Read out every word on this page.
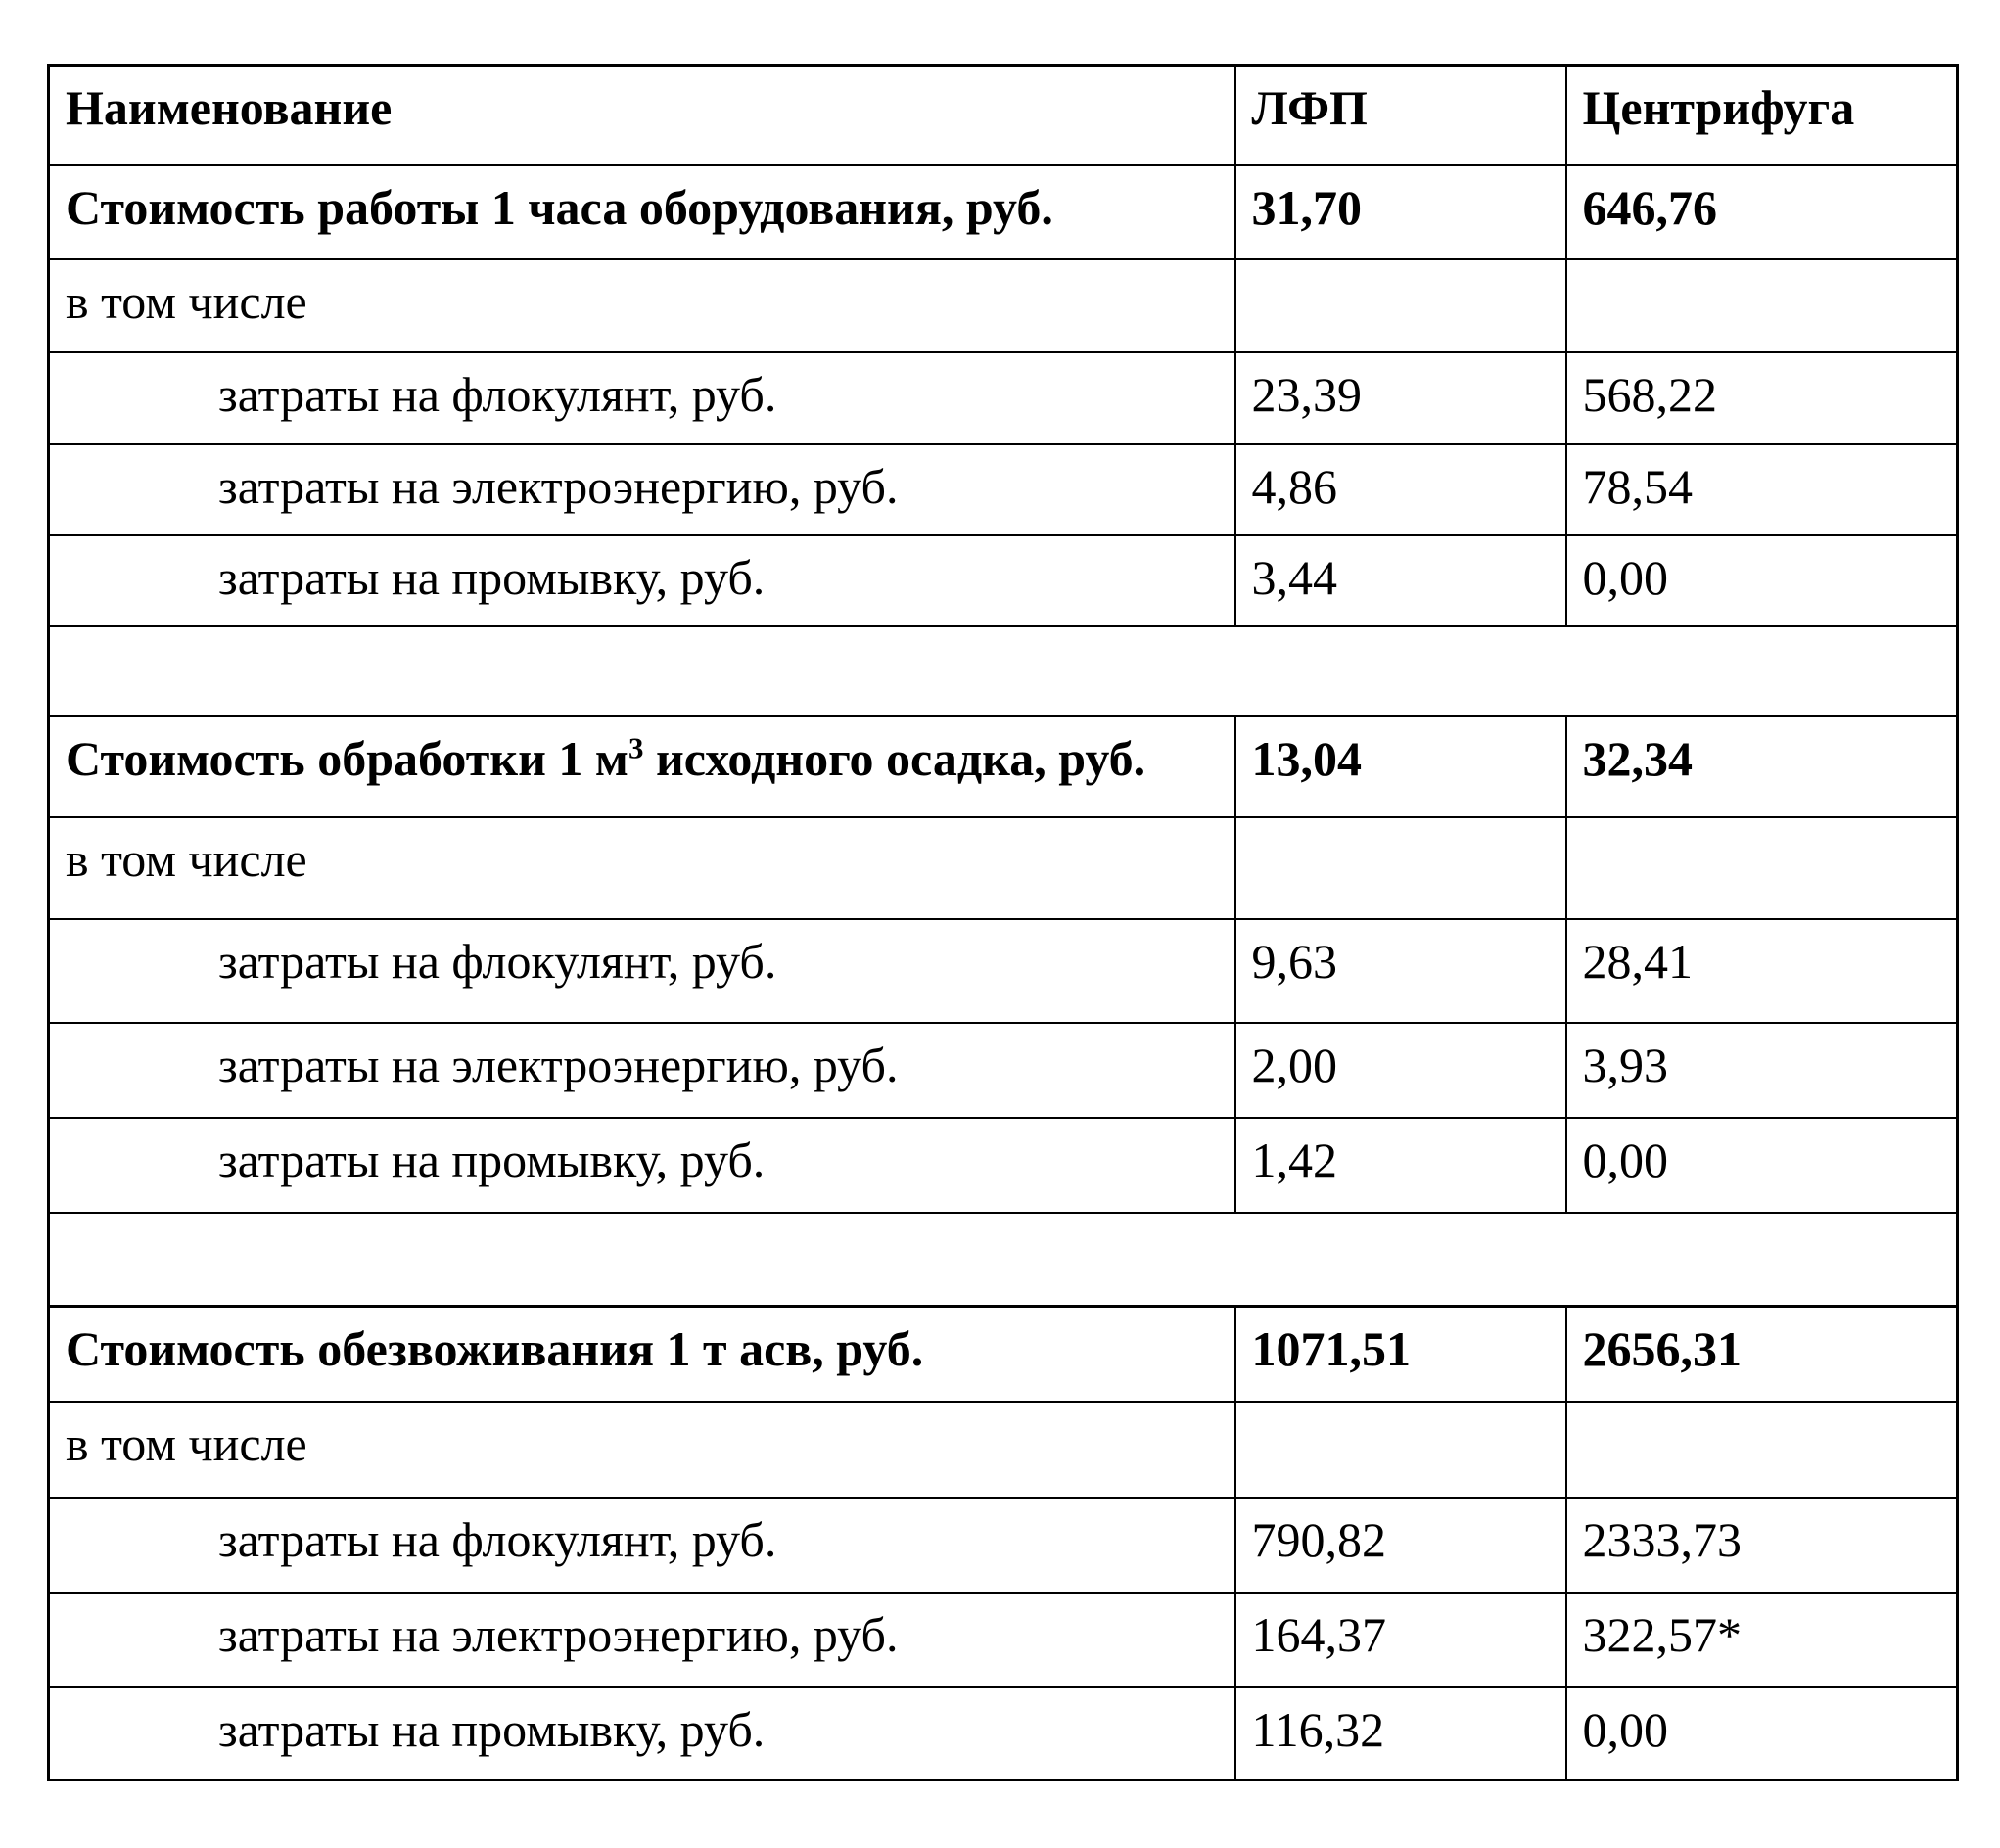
Наименование	ЛФП	Центрифуга
Стоимость работы 1 часа оборудования, руб.	31,70	646,76
в том числе		
затраты на флокулянт, руб.	23,39	568,22
затраты на электроэнергию, руб.	4,86	78,54
затраты на промывку, руб.	3,44	0,00

Стоимость обработки 1 $м^3$ исходного осадка, руб.	13,04	32,34
в том числе		
затраты на флокулянт, руб.	9,63	28,41
затраты на электроэнергию, руб.	2,00	3,93
затраты на промывку, руб.	1,42	0,00

Стоимость обезвоживания 1 т асв, руб.	1071,51	2656,31
в том числе		
затраты на флокулянт, руб.	790,82	2333,73
затраты на электроэнергию, руб.	164,37	322,57*
затраты на промывку, руб.	116,32	0,00
